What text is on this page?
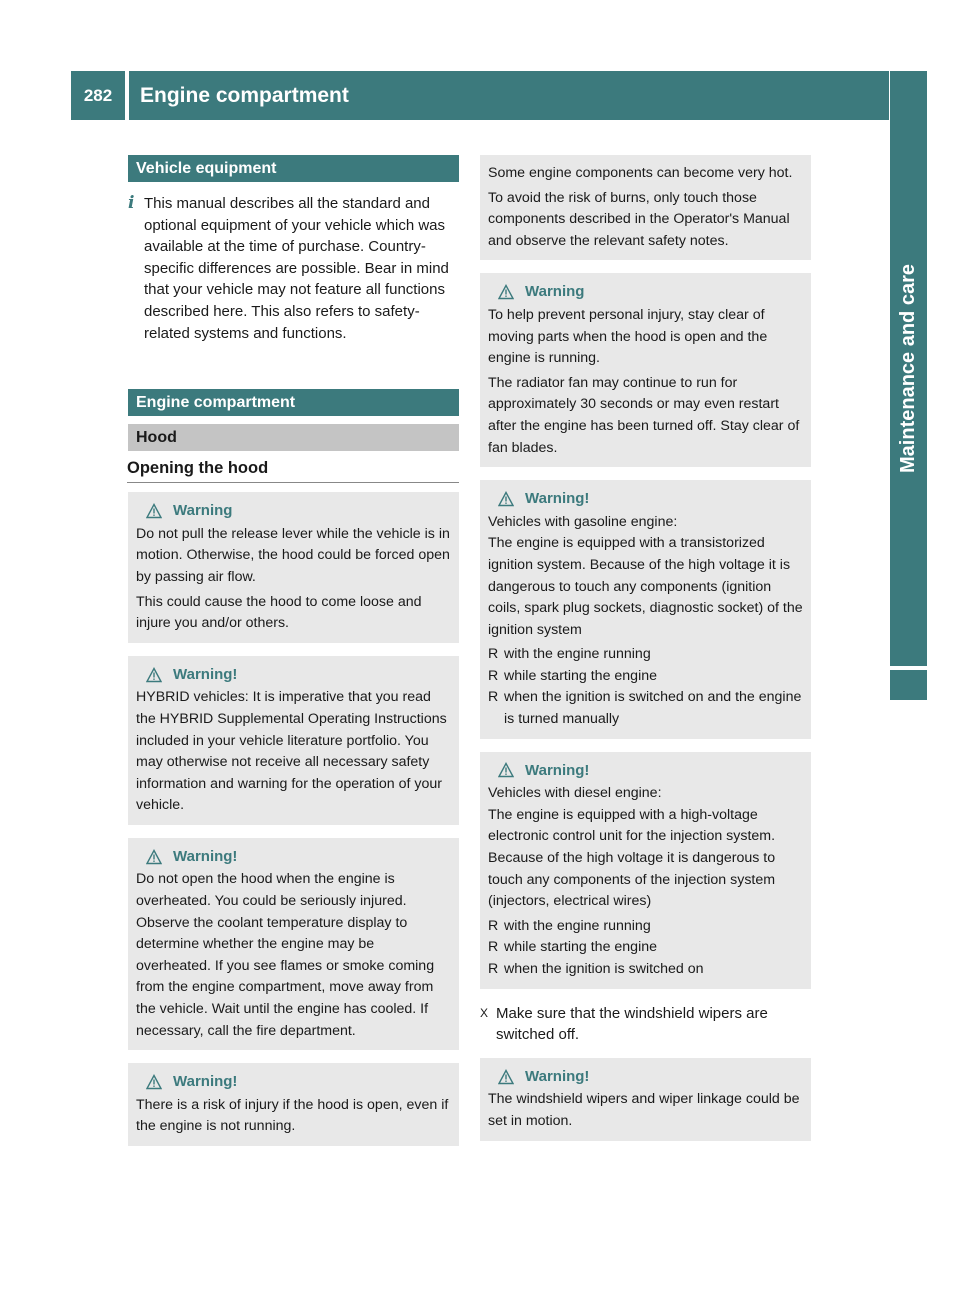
282	Engine compartment
Maintenance and care
Vehicle equipment
i This manual describes all the standard and optional equipment of your vehicle which was available at the time of purchase. Country-specific differences are possible. Bear in mind that your vehicle may not feature all functions described here. This also refers to safety-related systems and functions.
Engine compartment
Hood
Opening the hood
Warning

Do not pull the release lever while the vehicle is in motion. Otherwise, the hood could be forced open by passing air flow.

This could cause the hood to come loose and injure you and/or others.

Warning!

HYBRID vehicles: It is imperative that you read the HYBRID Supplemental Operating Instructions included in your vehicle literature portfolio. You may otherwise not receive all necessary safety information and warning for the operation of your vehicle.

Warning!

Do not open the hood when the engine is overheated. You could be seriously injured. Observe the coolant temperature display to determine whether the engine may be overheated. If you see flames or smoke coming from the engine compartment, move away from the vehicle. Wait until the engine has cooled. If necessary, call the fire department.

Warning!

There is a risk of injury if the hood is open, even if the engine is not running.

Some engine components can become very hot.

To avoid the risk of burns, only touch those components described in the Operator's Manual and observe the relevant safety notes.

Warning

To help prevent personal injury, stay clear of moving parts when the hood is open and the engine is running.

The radiator fan may continue to run for approximately 30 seconds or may even restart after the engine has been turned off. Stay clear of fan blades.

Warning!

Vehicles with gasoline engine:

The engine is equipped with a transistorized ignition system. Because of the high voltage it is dangerous to touch any components (ignition coils, spark plug sockets, diagnostic socket) of the ignition system

R with the engine running
R while starting the engine
R when the ignition is switched on and the engine is turned manually
Warning!

Vehicles with diesel engine:

The engine is equipped with a high-voltage electronic control unit for the injection system. Because of the high voltage it is dangerous to touch any components of the injection system (injectors, electrical wires)

R with the engine running
R while starting the engine
R when the ignition is switched on
X Make sure that the windshield wipers are switched off.
Warning!

The windshield wipers and wiper linkage could be set in motion.
